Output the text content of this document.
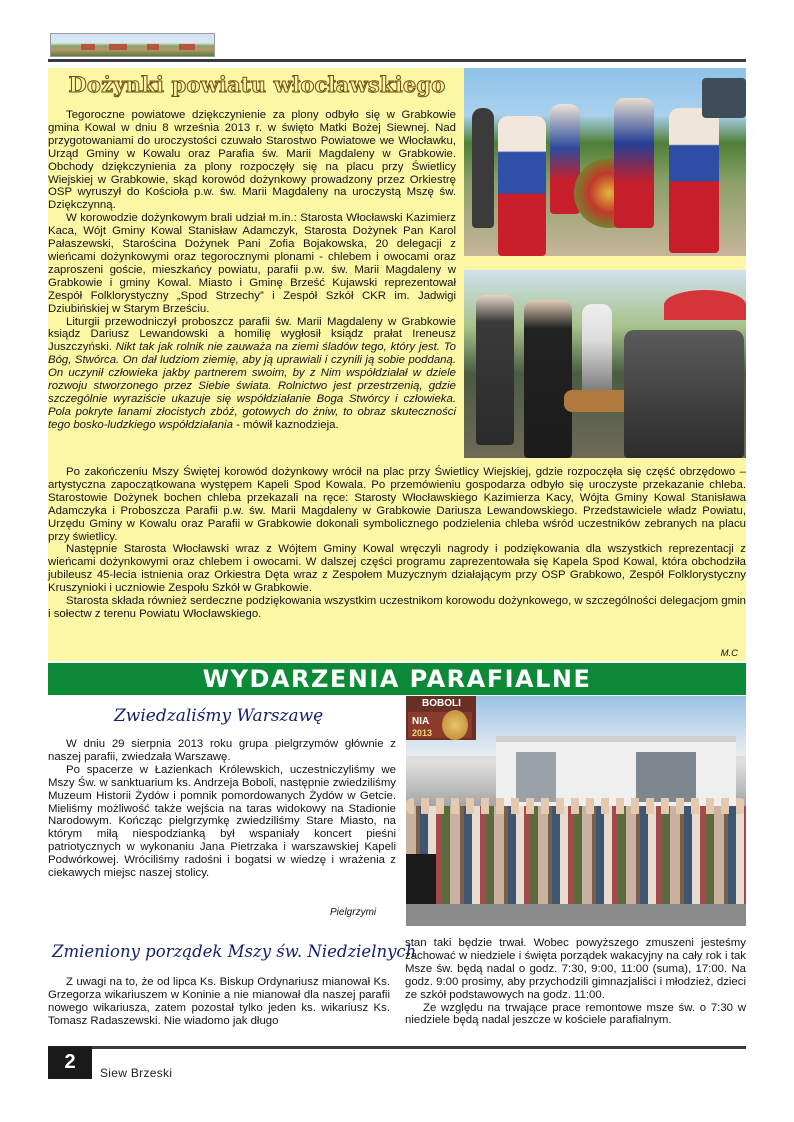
Dożynki powiatu włocławskiego

Tegoroczne powiatowe dziękczynienie za plony odbyło się w Grabkowie gmina Kowal w dniu 8 września 2013 r. w święto Matki Bożej Siewnej. Nad przygotowaniami do uroczystości czuwało Starostwo Powiatowe we Włocławku, Urząd Gminy w Kowalu oraz Parafia św. Marii Magdaleny w Grabkowie. Obchody dziękczynienia za plony rozpoczęły się na placu przy Świetlicy Wiejskiej w Grabkowie, skąd korowód dożynkowy prowadzony przez Orkiestrę OSP wyruszył do Kościoła p.w. św. Marii Magdaleny na uroczystą Mszę św. Dziękczynną.

W korowodzie dożynkowym brali udział m.in.: Starosta Włocławski Kazimierz Kaca, Wójt Gminy Kowal Stanisław Adamczyk, Starosta Dożynek Pan Karol Pałaszewski, Starościna Dożynek Pani Zofia Bojakowska, 20 delegacji z wieńcami dożynkowymi oraz tegorocznymi plonami - chlebem i owocami oraz zaproszeni goście, mieszkańcy powiatu, parafii p.w. św. Marii Magdaleny w Grabkowie i gminy Kowal. Miasto i Gminę Brześć Kujawski reprezentował Zespół Folklorystyczny „Spod Strzechy” i Zespół Szkół CKR im. Jadwigi Dziubińskiej w Starym Brześciu.

Liturgii przewodniczył proboszcz parafii św. Marii Magdaleny w Grabkowie ksiądz Dariusz Lewandowski a homilię wygłosił ksiądz prałat Ireneusz Juszczyński. Nikt tak jak rolnik nie zauważa na ziemi śladów tego, który jest. To Bóg, Stwórca. On dał ludziom ziemię, aby ją uprawiali i czynili ją sobie poddaną. On uczynił człowieka jakby partnerem swoim, by z Nim współdziałał w dziele rozwoju stworzonego przez Siebie świata. Rolnictwo jest przestrzenią, gdzie szczególnie wyraziście ukazuje się współdziałanie Boga Stwórcy i człowieka. Pola pokryte łanami złocistych zbóż, gotowych do żniw, to obraz skuteczności tego bosko-ludzkiego współdziałania - mówił kaznodzieja.

Po zakończeniu Mszy Świętej korowód dożynkowy wrócił na plac przy Świetlicy Wiejskiej, gdzie rozpoczęła się część obrzędowo – artystyczna zapoczątkowana występem Kapeli Spod Kowala. Po przemówieniu gospodarza odbyło się uroczyste przekazanie chleba. Starostowie Dożynek bochen chleba przekazali na ręce: Starosty Włocławskiego Kazimierza Kacy, Wójta Gminy Kowal Stanisława Adamczyka i Proboszcza Parafii p.w. św. Marii Magdaleny w Grabkowie Dariusza Lewandowskiego. Przedstawiciele władz Powiatu, Urzędu Gminy w Kowalu oraz Parafii w Grabkowie dokonali symbolicznego podzielenia chleba wśród uczestników zebranych na placu przy świetlicy.

Następnie Starosta Włocławski wraz z Wójtem Gminy Kowal wręczyli nagrody i podziękowania dla wszystkich reprezentacji z wieńcami dożynkowymi oraz chlebem i owocami. W dalszej części programu zaprezentowała się Kapela Spod Kowal, która obchodziła jubileusz 45-lecia istnienia oraz Orkiestra Dęta wraz z Zespołem Muzycznym działającym przy OSP Grabkowo, Zespół Folklorystyczny Kruszynioki i uczniowie Zespołu Szkół w Grabkowie.

Starosta składa również serdeczne podziękowania wszystkim uczestnikom korowodu dożynkowego, w szczególności delegacjom gmin i sołectw z terenu Powiatu Włocławskiego.

M.C
WYDARZENIA PARAFIALNE
Zwiedzaliśmy Warszawę

W dniu 29 sierpnia 2013 roku grupa pielgrzymów głównie z naszej parafii, zwiedzała Warszawę.

Po spacerze w Łazienkach Królewskich, uczestniczyliśmy we Mszy Św. w sanktuarium ks. Andrzeja Boboli, następnie zwiedziliśmy Muzeum Historii Żydów i pomnik pomordowanych Żydów w Getcie. Mieliśmy możliwość także wejścia na taras widokowy na Stadionie Narodowym. Kończąc pielgrzymkę zwiedziliśmy Stare Miasto, na którym miłą niespodzianką był wspaniały koncert pieśni patriotycznych w wykonaniu Jana Pietrzaka i warszawskiej Kapeli Podwórkowej. Wróciliśmy radośni i bogatsi w wiedzę i wrażenia z ciekawych miejsc naszej stolicy.

Pielgrzymi
BOBOLI
NIA
2013
Zmieniony porządek Mszy św. Niedzielnych

Z uwagi na to, że od lipca Ks. Biskup Ordynariusz mianował Ks. Grzegorza wikariuszem w Koninie a nie mianował dla naszej parafii nowego wikariusza, zatem pozostał tylko jeden ks. wikariusz Ks. Tomasz Radaszewski. Nie wiadomo jak długo

stan taki będzie trwał. Wobec powyższego zmuszeni jesteśmy zachować w niedziele i święta porządek wakacyjny na cały rok i tak Msze św. będą nadal o godz. 7:30, 9:00, 11:00 (suma), 17:00. Na godz. 9:00 prosimy, aby przychodzili gimnazjaliści i młodzież, dzieci ze szkół podstawowych na godz. 11:00.

Ze względu na trwające prace remontowe msze św. o 7:30 w niedziele będą nadal jeszcze w kościele parafialnym.

2	Siew Brzeski
